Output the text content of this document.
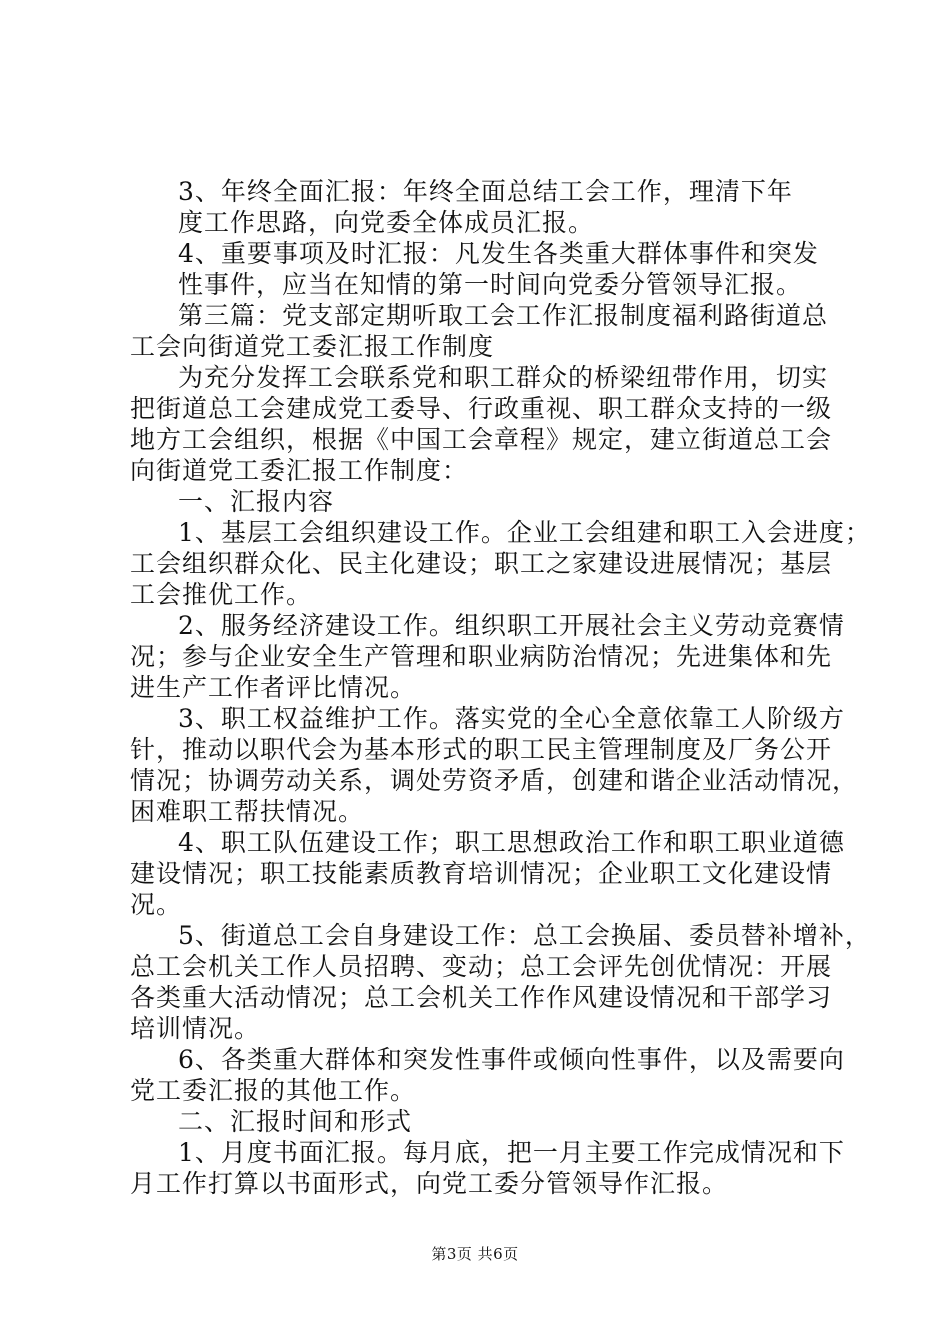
3、年终全面汇报：年终全面总结工会工作，理清下年
度工作思路，向党委全体成员汇报。
4、重要事项及时汇报：凡发生各类重大群体事件和突发
性事件，应当在知情的第一时间向党委分管领导汇报。
第三篇：党支部定期听取工会工作汇报制度福利路街道总
工会向街道党工委汇报工作制度
为充分发挥工会联系党和职工群众的桥梁纽带作用，切实
把街道总工会建成党工委导、行政重视、职工群众支持的一级
地方工会组织，根据《中国工会章程》规定，建立街道总工会
向街道党工委汇报工作制度：
一、汇报内容
1、基层工会组织建设工作。企业工会组建和职工入会进度；
工会组织群众化、民主化建设；职工之家建设进展情况；基层
工会推优工作。
2、服务经济建设工作。组织职工开展社会主义劳动竞赛情
况；参与企业安全生产管理和职业病防治情况；先进集体和先
进生产工作者评比情况。
3、职工权益维护工作。落实党的全心全意依靠工人阶级方
针，推动以职代会为基本形式的职工民主管理制度及厂务公开
情况；协调劳动关系，调处劳资矛盾，创建和谐企业活动情况，
困难职工帮扶情况。
4、职工队伍建设工作；职工思想政治工作和职工职业道德
建设情况；职工技能素质教育培训情况；企业职工文化建设情
况。
5、街道总工会自身建设工作：总工会换届、委员替补增补，
总工会机关工作人员招聘、变动；总工会评先创优情况：开展
各类重大活动情况；总工会机关工作作风建设情况和干部学习
培训情况。
6、各类重大群体和突发性事件或倾向性事件，以及需要向
党工委汇报的其他工作。
二、汇报时间和形式
1、月度书面汇报。每月底，把一月主要工作完成情况和下
月工作打算以书面形式，向党工委分管领导作汇报。
第3页 共6页
